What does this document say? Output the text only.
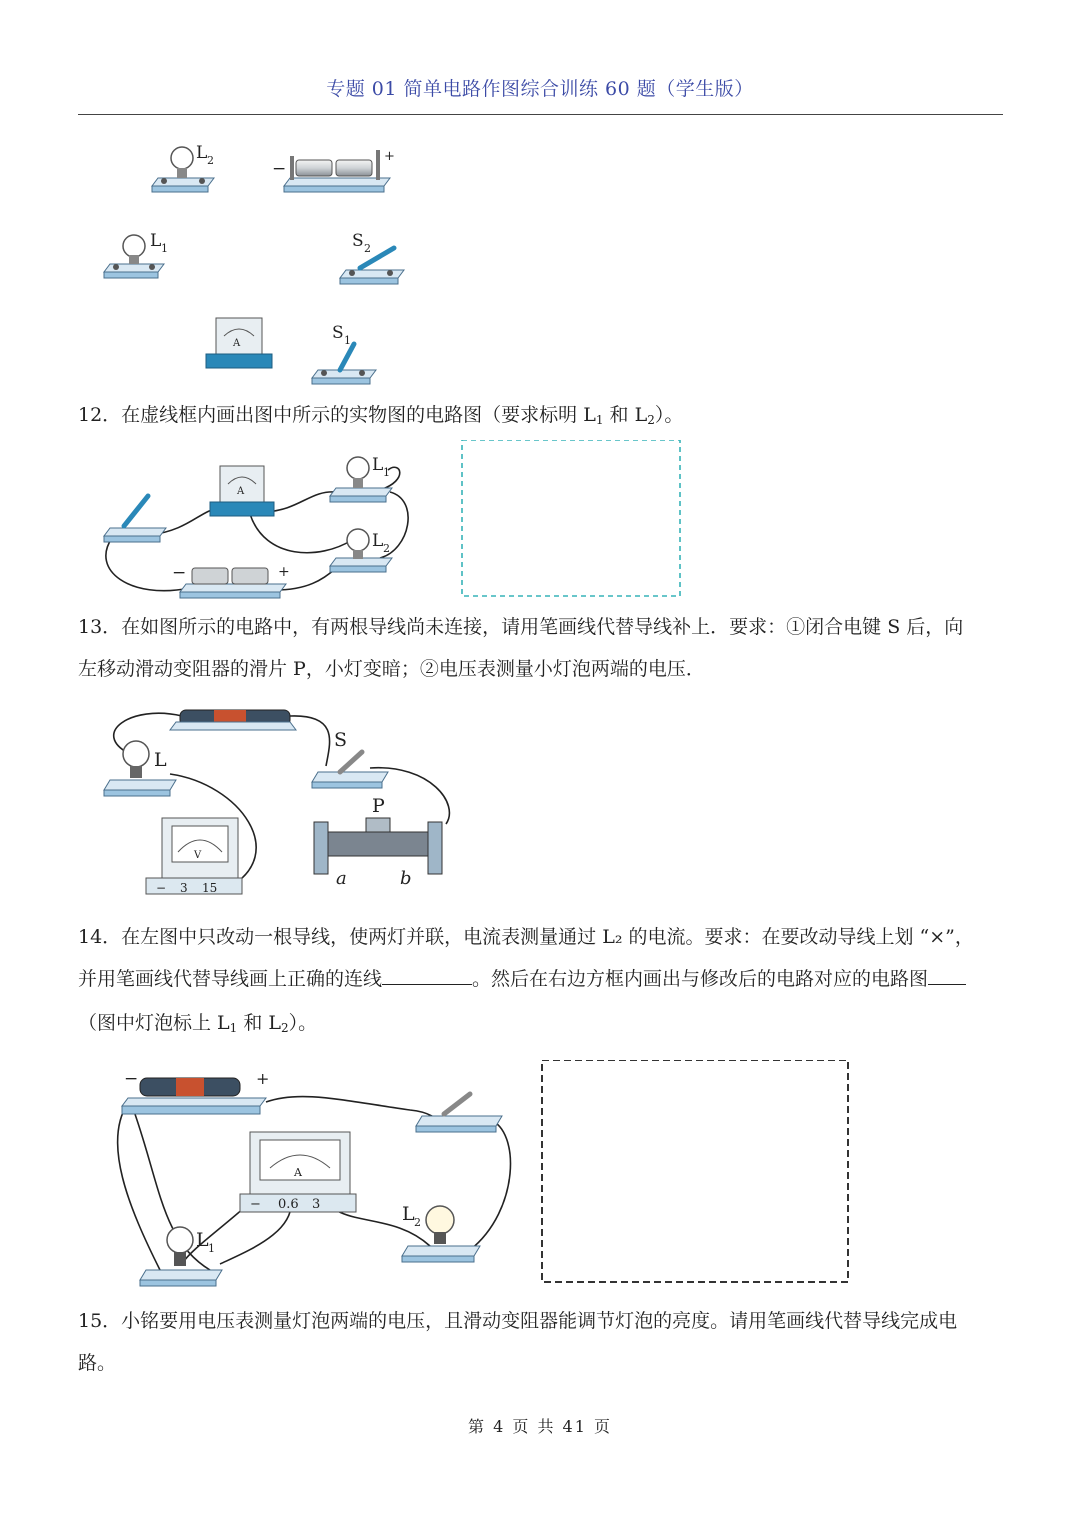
专题 01 简单电路作图综合训练 60 题（学生版）
L 2	−
+
L 1	S 2
A
S 1
12．在虚线框内画出图中所示的实物图的电路图（要求标明 $L_1$ 和 $L_2$）。
A
L 1
L 2
−	+
13．在如图所示的电路中，有两根导线尚未连接，请用笔画线代替导线补上．要求：①闭合电键 S 后，向
左移动滑动变阻器的滑片 P，小灯变暗；②电压表测量小灯泡两端的电压．
L
S
V
− 3 15
P
a	b
14．在左图中只改动一根导线，使两灯并联，电流表测量通过 L₂ 的电流。要求：在要改动导线上划 “×”，
并用笔画线代替导线画上正确的连线	。然后在右边方框内画出与修改后的电路对应的电路图
（图中灯泡标上 $L_1$ 和 $L_2$）。
−	+
A
− 0.6 3
L 1
L 2
15．小铭要用电压表测量灯泡两端的电压，且滑动变阻器能调节灯泡的亮度。请用笔画线代替导线完成电
路。
第 4 页 共 41 页
